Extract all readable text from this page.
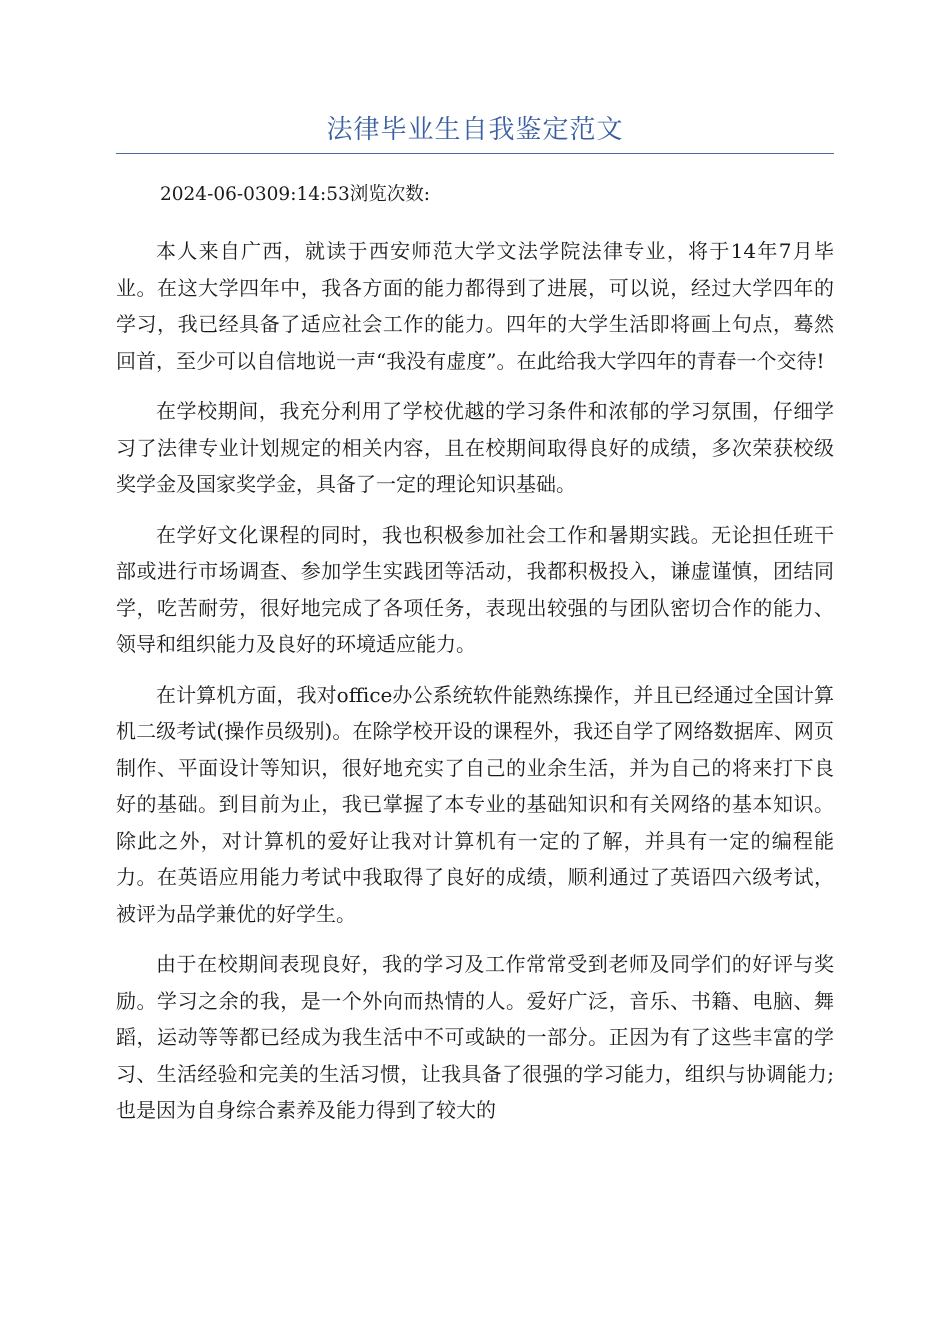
法律毕业生自我鉴定范文
2024-06-0309:14:53浏览次数:

本人来自广西，就读于西安师范大学文法学院法律专业，将于14年7月毕业。在这大学四年中，我各方面的能力都得到了进展，可以说，经过大学四年的学习，我已经具备了适应社会工作的能力。四年的大学生活即将画上句点，蓦然回首，至少可以自信地说一声“我没有虚度”。在此给我大学四年的青春一个交待!

在学校期间，我充分利用了学校优越的学习条件和浓郁的学习氛围，仔细学习了法律专业计划规定的相关内容，且在校期间取得良好的成绩，多次荣获校级奖学金及国家奖学金，具备了一定的理论知识基础。

在学好文化课程的同时，我也积极参加社会工作和暑期实践。无论担任班干部或进行市场调查、参加学生实践团等活动，我都积极投入，谦虚谨慎，团结同学，吃苦耐劳，很好地完成了各项任务，表现出较强的与团队密切合作的能力、领导和组织能力及良好的环境适应能力。

在计算机方面，我对office办公系统软件能熟练操作，并且已经通过全国计算机二级考试(操作员级别)。在除学校开设的课程外，我还自学了网络数据库、网页制作、平面设计等知识，很好地充实了自己的业余生活，并为自己的将来打下良好的基础。到目前为止，我已掌握了本专业的基础知识和有关网络的基本知识。除此之外，对计算机的爱好让我对计算机有一定的了解，并具有一定的编程能力。在英语应用能力考试中我取得了良好的成绩，顺利通过了英语四六级考试，被评为品学兼优的好学生。

由于在校期间表现良好，我的学习及工作常常受到老师及同学们的好评与奖励。学习之余的我，是一个外向而热情的人。爱好广泛，音乐、书籍、电脑、舞蹈，运动等等都已经成为我生活中不可或缺的一部分。正因为有了这些丰富的学习、生活经验和完美的生活习惯，让我具备了很强的学习能力，组织与协调能力;也是因为自身综合素养及能力得到了较大的
